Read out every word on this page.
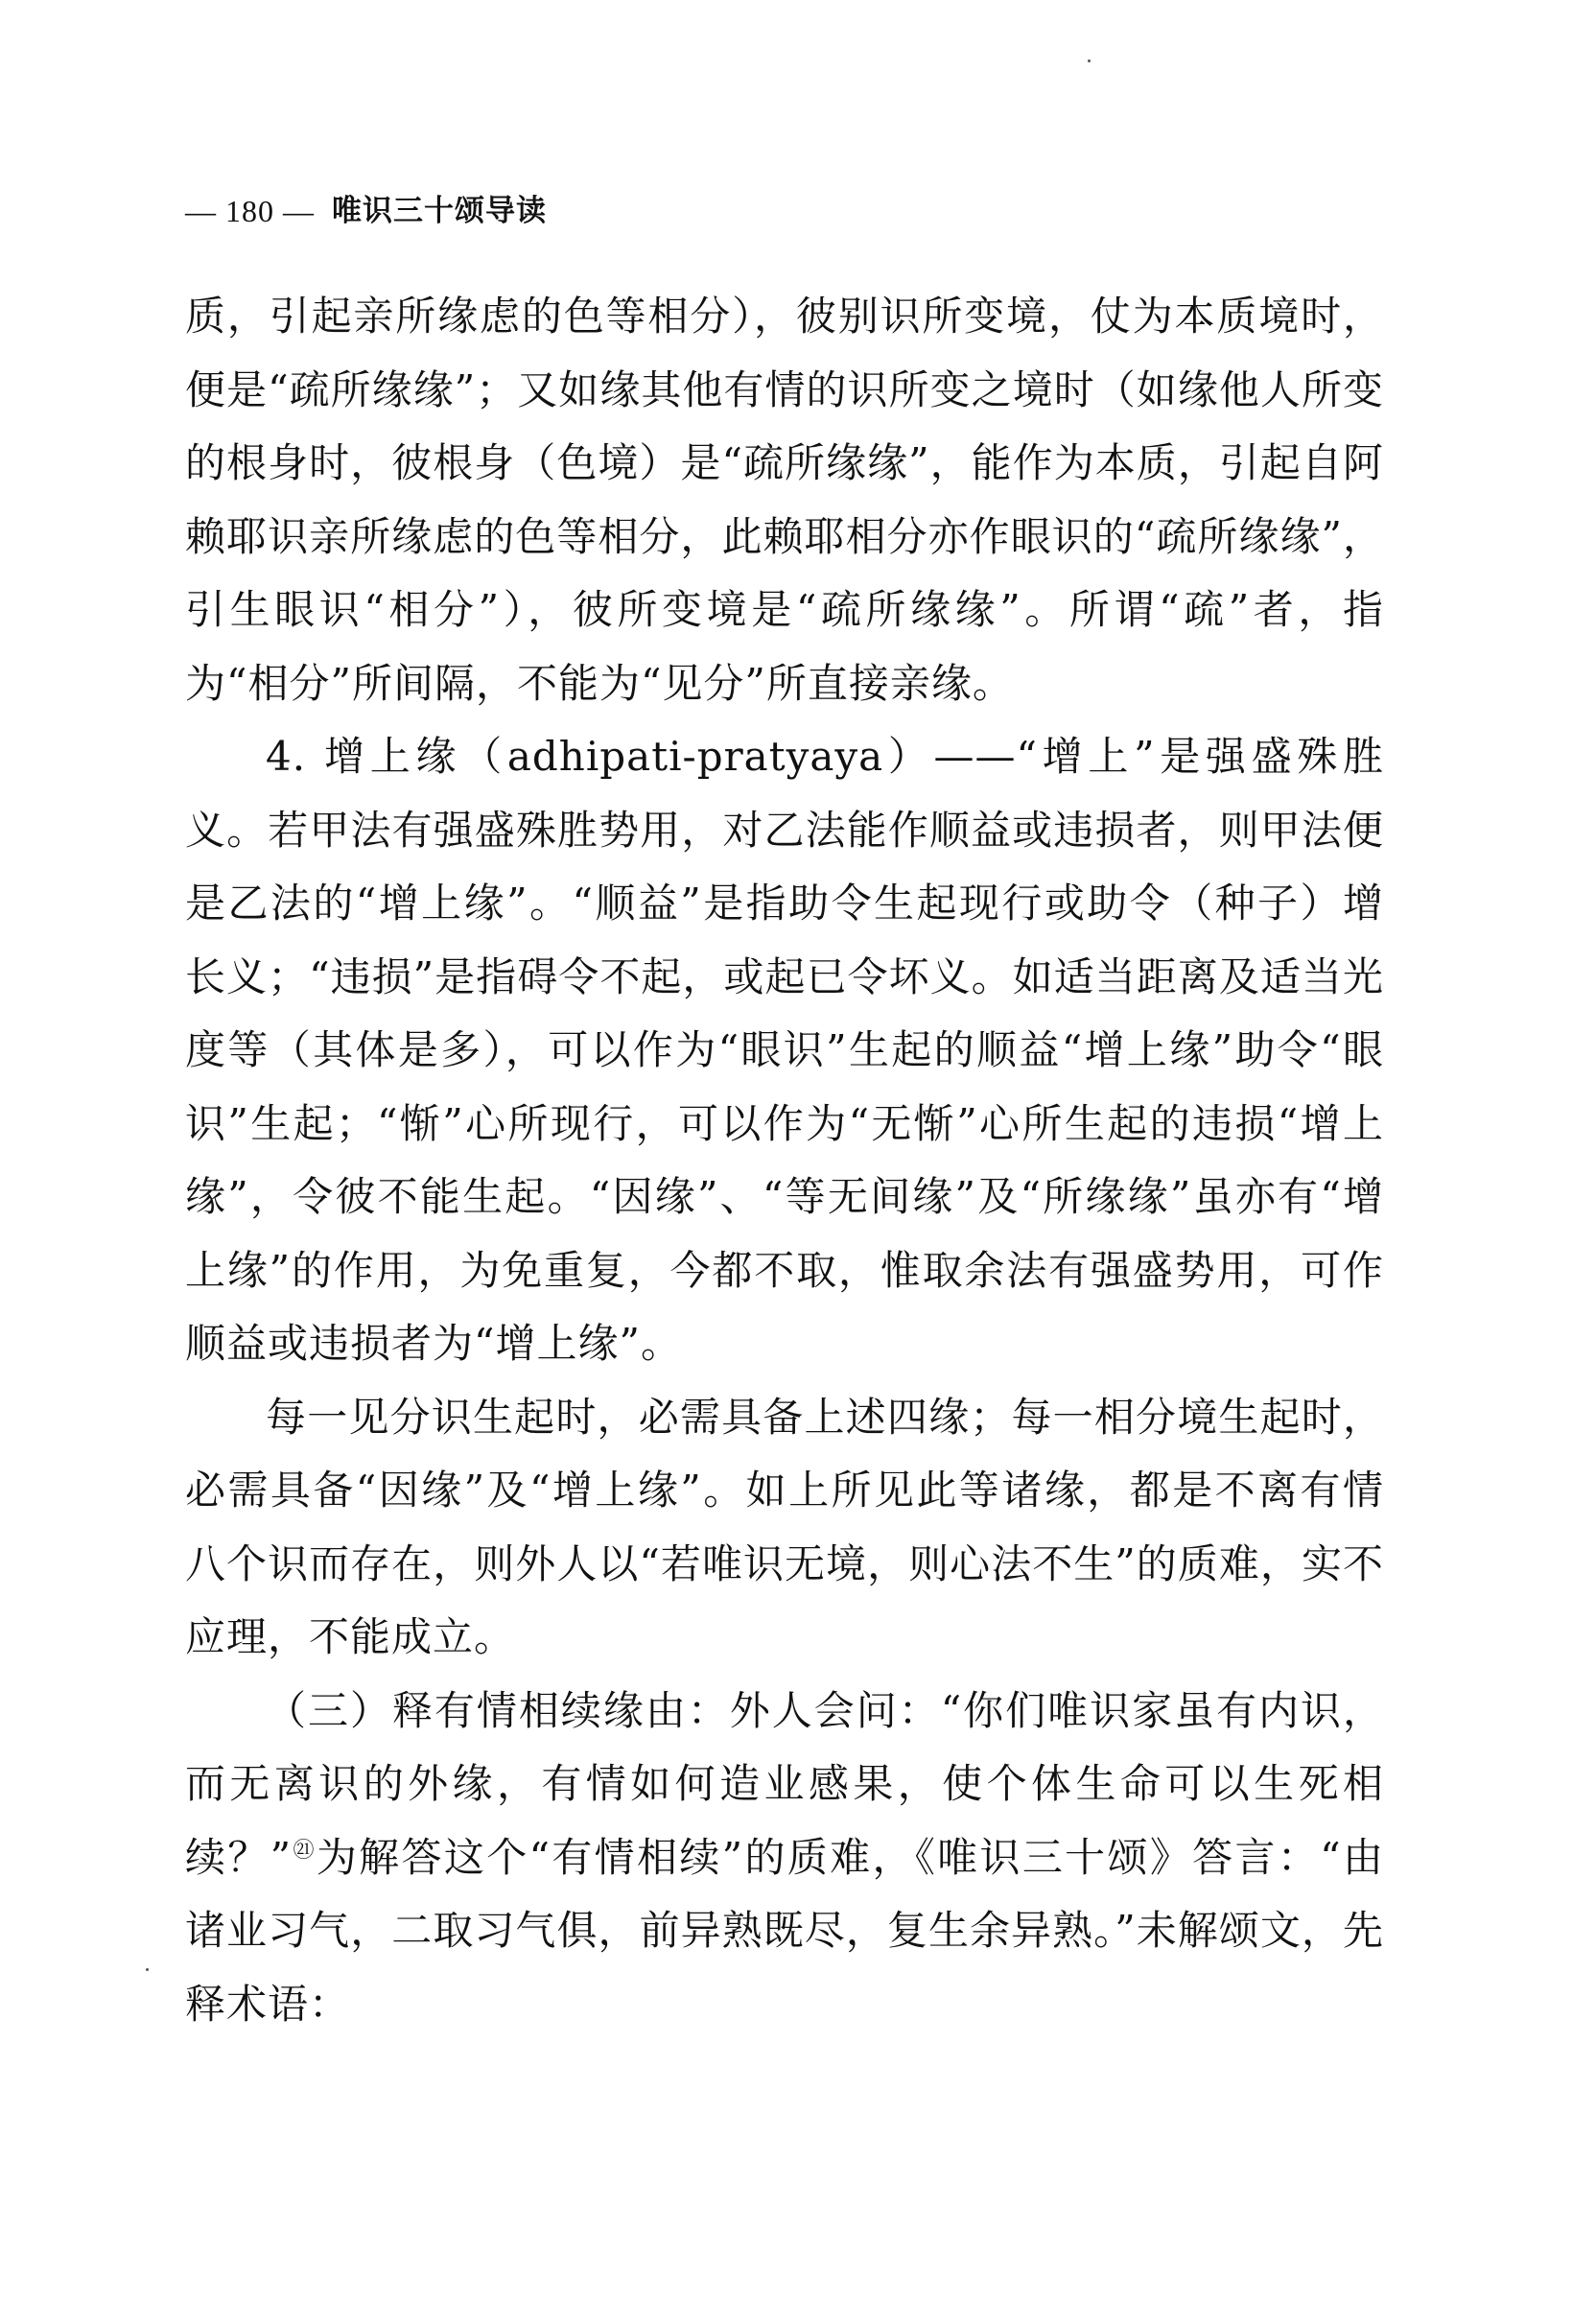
— 180 — 唯识三十颂导读

质，引起亲所缘虑的色等相分），彼别识所变境，仗为本质境时，便是“疏所缘缘”；又如缘其他有情的识所变之境时（如缘他人所变的根身时，彼根身（色境）是“疏所缘缘”，能作为本质，引起自阿赖耶识亲所缘虑的色等相分，此赖耶相分亦作眼识的“疏所缘缘”，引生眼识“相分”），彼所变境是“疏所缘缘”。所谓“疏”者，指为“相分”所间隔，不能为“见分”所直接亲缘。

4. 增上缘（adhipati-pratyaya）——“增上”是强盛殊胜义。若甲法有强盛殊胜势用，对乙法能作顺益或违损者，则甲法便是乙法的“增上缘”。“顺益”是指助令生起现行或助令（种子）增长义；“违损”是指碍令不起，或起已令坏义。如适当距离及适当光度等（其体是多），可以作为“眼识”生起的顺益“增上缘”助令“眼识”生起；“惭”心所现行，可以作为“无惭”心所生起的违损“增上缘”，令彼不能生起。“因缘”、“等无间缘”及“所缘缘”虽亦有“增上缘”的作用，为免重复，今都不取，惟取余法有强盛势用，可作顺益或违损者为“增上缘”。

每一见分识生起时，必需具备上述四缘；每一相分境生起时，必需具备“因缘”及“增上缘”。如上所见此等诸缘，都是不离有情八个识而存在，则外人以“若唯识无境，则心法不生”的质难，实不应理，不能成立。

（三）释有情相续缘由：外人会问：“你们唯识家虽有内识，而无离识的外缘，有情如何造业感果，使个体生命可以生死相续？”$^㉑$为解答这个“有情相续”的质难，《唯识三十颂》答言：“由诸业习气，二取习气俱，前异熟既尽，复生余异熟。”未解颂文，先释术语：
